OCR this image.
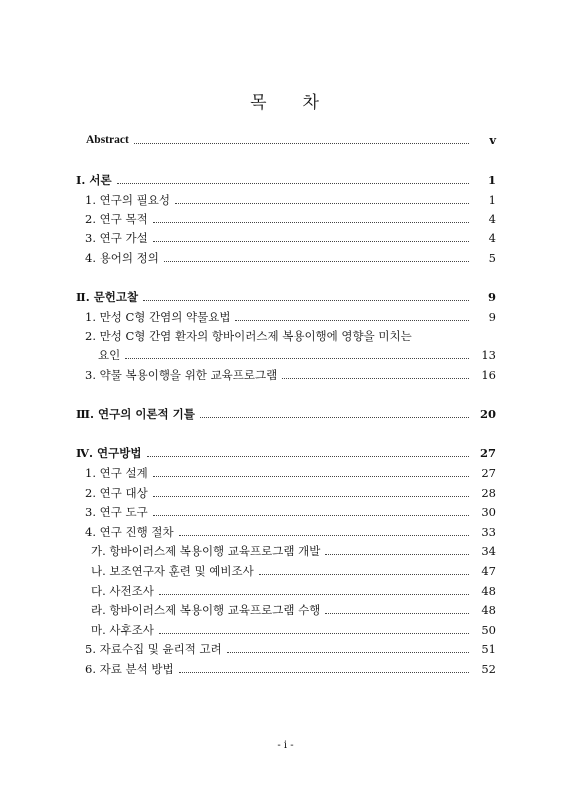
목 차
Abstract	v
Ⅰ. 서론	1
1. 연구의 필요성	1
2. 연구 목적	4
3. 연구 가설	4
4. 용어의 정의	5
Ⅱ. 문헌고찰	9
1. 만성 C형 간염의 약물요법	9
2. 만성 C형 간염 환자의 항바이러스제 복용이행에 영향을 미치는
요인	13
3. 약물 복용이행을 위한 교육프로그램	16
Ⅲ. 연구의 이론적 기틀	20
Ⅳ. 연구방법	27
1. 연구 설계	27
2. 연구 대상	28
3. 연구 도구	30
4. 연구 진행 절차	33
가. 항바이러스제 복용이행 교육프로그램 개발	34
나. 보조연구자 훈련 및 예비조사	47
다. 사전조사	48
라. 항바이러스제 복용이행 교육프로그램 수행	48
마. 사후조사	50
5. 자료수집 및 윤리적 고려	51
6. 자료 분석 방법	52
- i -
